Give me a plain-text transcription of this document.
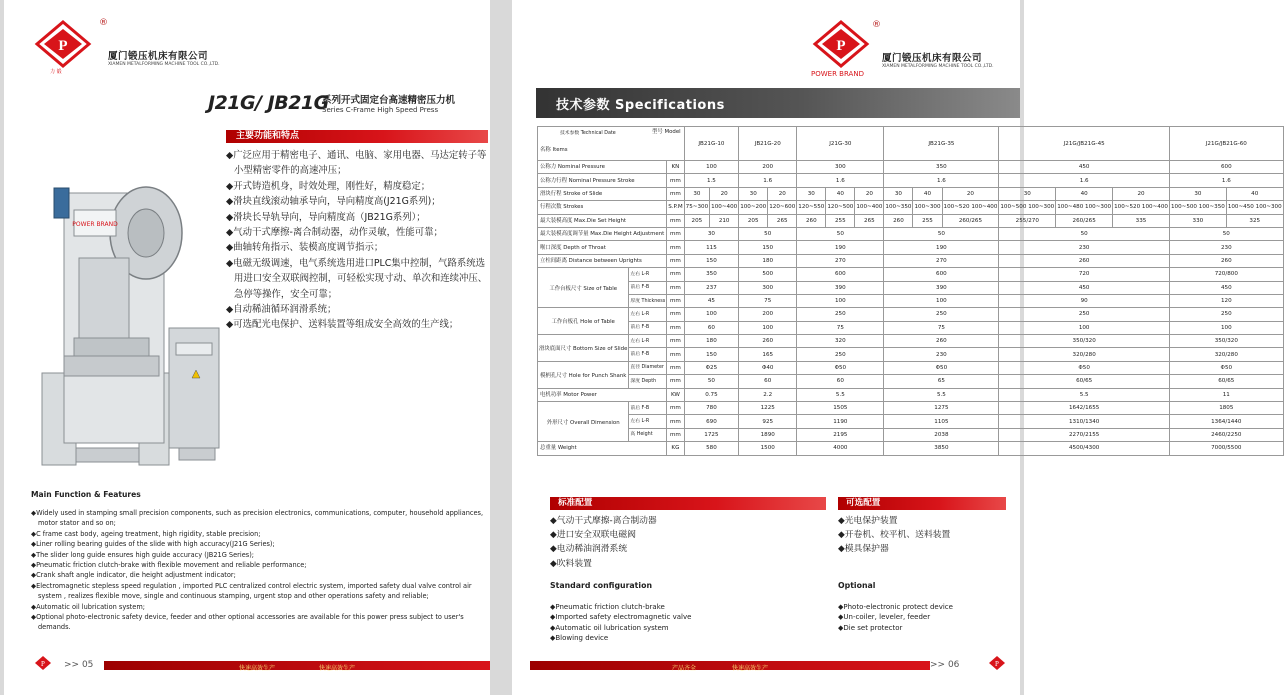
P
®
力 锻
厦门锻压机床有限公司
XIAMEN METALFORMING MACHINE TOOL CO.,LTD.
J21G/ JB21G
系列开式固定台高速精密压力机
Series C-Frame High Speed Press
主要功能和特点
POWER BRAND
◆广泛应用于精密电子、通讯、电脑、家用电器、马达定转子等小型精密零件的高速冲压；
◆开式铸造机身，时效处理，刚性好，精度稳定；
◆滑块直线滚动轴承导向，导向精度高(J21G系列)；
◆滑块长导轨导向，导向精度高（JB21G系列）；
◆气动干式摩擦-离合制动器，动作灵敏，性能可靠；
◆曲轴转角指示、装模高度调节指示；
◆电磁无级调速，电气系统选用进口PLC集中控制，气路系统选用进口安全双联阀控制，可轻松实现寸动、单次和连续冲压、急停等操作，安全可靠；
◆自动稀油循环润滑系统；
◆可选配光电保护、送料装置等组成安全高效的生产线；
Main Function & Features
◆Widely used in stamping small precision components, such as precision electronics, communications, computer, household appliances, motor stator and so on;
◆C frame cast body, ageing treatment, high rigidity, stable precision;
◆Liner rolling bearing guides of the slide with high accuracy(J21G Series);
◆The slider long guide ensures high guide accuracy (JB21G Series);
◆Pneumatic friction clutch-brake with flexible movement and reliable performance;
◆Crank shaft angle indicator, die height adjustment indicator;
◆Electromagnetic stepless speed regulation , imported PLC centralized control electric system, imported safety dual valve control air system , realizes flexible move, single and continuous stamping, urgent stop and other operations safety and reliable;
◆Automatic oil lubrication system;
◆Optional photo-electronic safety device, feeder and other optional accessories are available for this power press subject to user's demands.
P >> 05	快速高效生产	快速高效生产
P
®
POWER BRAND
厦门锻压机床有限公司
XIAMEN METALFORMING MACHINE TOOL CO.,LTD.
技术参数 Specifications
型号 Model
技术参数 Technical Date
名称 Items			JB21G-10		JB21G-20		J21G-30			JB21G-35			J21G/JB21G-45			J21G/JB21G-60	
公称力 Nominal Pressure		KN	100		200		300			350			450			600	
公称力行程 Nominal Pressure Stroke		mm	1.5		1.6		1.6			1.6			1.6			1.6	
滑块行程 Stroke of Slide		mm	30	20	30	20	30	40	20	30	40	20	30	40	20	30	40
行程次数 Strokes		S.P.M	75~300	100~400	100~200	120~600	120~550	120~500	100~400	100~350	100~300	100~520 100~400	100~500 100~300	100~480 100~300	100~520 100~400	100~500 100~350	100~450 100~300
最大装模高度 Max.Die Set Height		mm	205	210	205	265	260	255	265	260	255	260/265	255/270	260/265	335	330	325
最大装模高度调节量 Max.Die Height Adjustment		mm	30		50		50			50			50			50	
喉口深度 Depth of Throat		mm	115		150		190			190			230			230	
立柱间距离 Distance between Uprights		mm	150		180		270			270			260			260	
工作台板尺寸 Size of Table	左右 L-R	mm	350		500		600			600			720			720/800	
	前后 F-B	mm	237		300		390			390			450			450	
	厚度 Thickness	mm	45		75		100			100			90			120	
工作台板孔 Hole of Table	左右 L-R	mm	100		200		250			250			250			250	
	前后 F-B	mm	60		100		75			75			100			100	
滑块底面尺寸 Bottom Size of Slide	左右 L-R	mm	180		260		320			260			350/320			350/320	
	前后 F-B	mm	150		165		250			230			320/280			320/280	
模柄孔尺寸 Hole for Punch Shank	直径 Diameter	mm	Φ25		Φ40		Φ50			Φ50			Φ50			Φ50	
	深度 Depth	mm	50		60		60			65			60/65			60/65	
电机功率 Motor Power		KW	0.75		2.2		5.5			5.5			5.5			11	
外形尺寸 Overall Dimension	前后 F-B	mm	780		1225		1505			1275			1642/1655			1805	
	左右 L-R	mm	690		925		1190			1105			1310/1340			1364/1440	
	高 Height	mm	1725		1890		2195			2038			2270/2155			2460/2250	
总重量 Weight		KG	580		1500		4000			3850			4500/4300			7000/5500	
标准配置	可选配置
◆气动干式摩擦-离合制动器
◆进口安全双联电磁阀
◆电动稀油润滑系统
◆吹料装置
◆光电保护装置
◆开卷机、校平机、送料装置
◆模具保护器
Standard configuration	Optional
◆Pneumatic friction clutch-brake
◆Imported safety electromagnetic valve
◆Automatic oil lubrication system
◆Blowing device
◆Photo-electronic protect device
◆Un-coiler, leveler, feeder
◆Die set protector
产品齐全	快速高效生产	>> 06	P
